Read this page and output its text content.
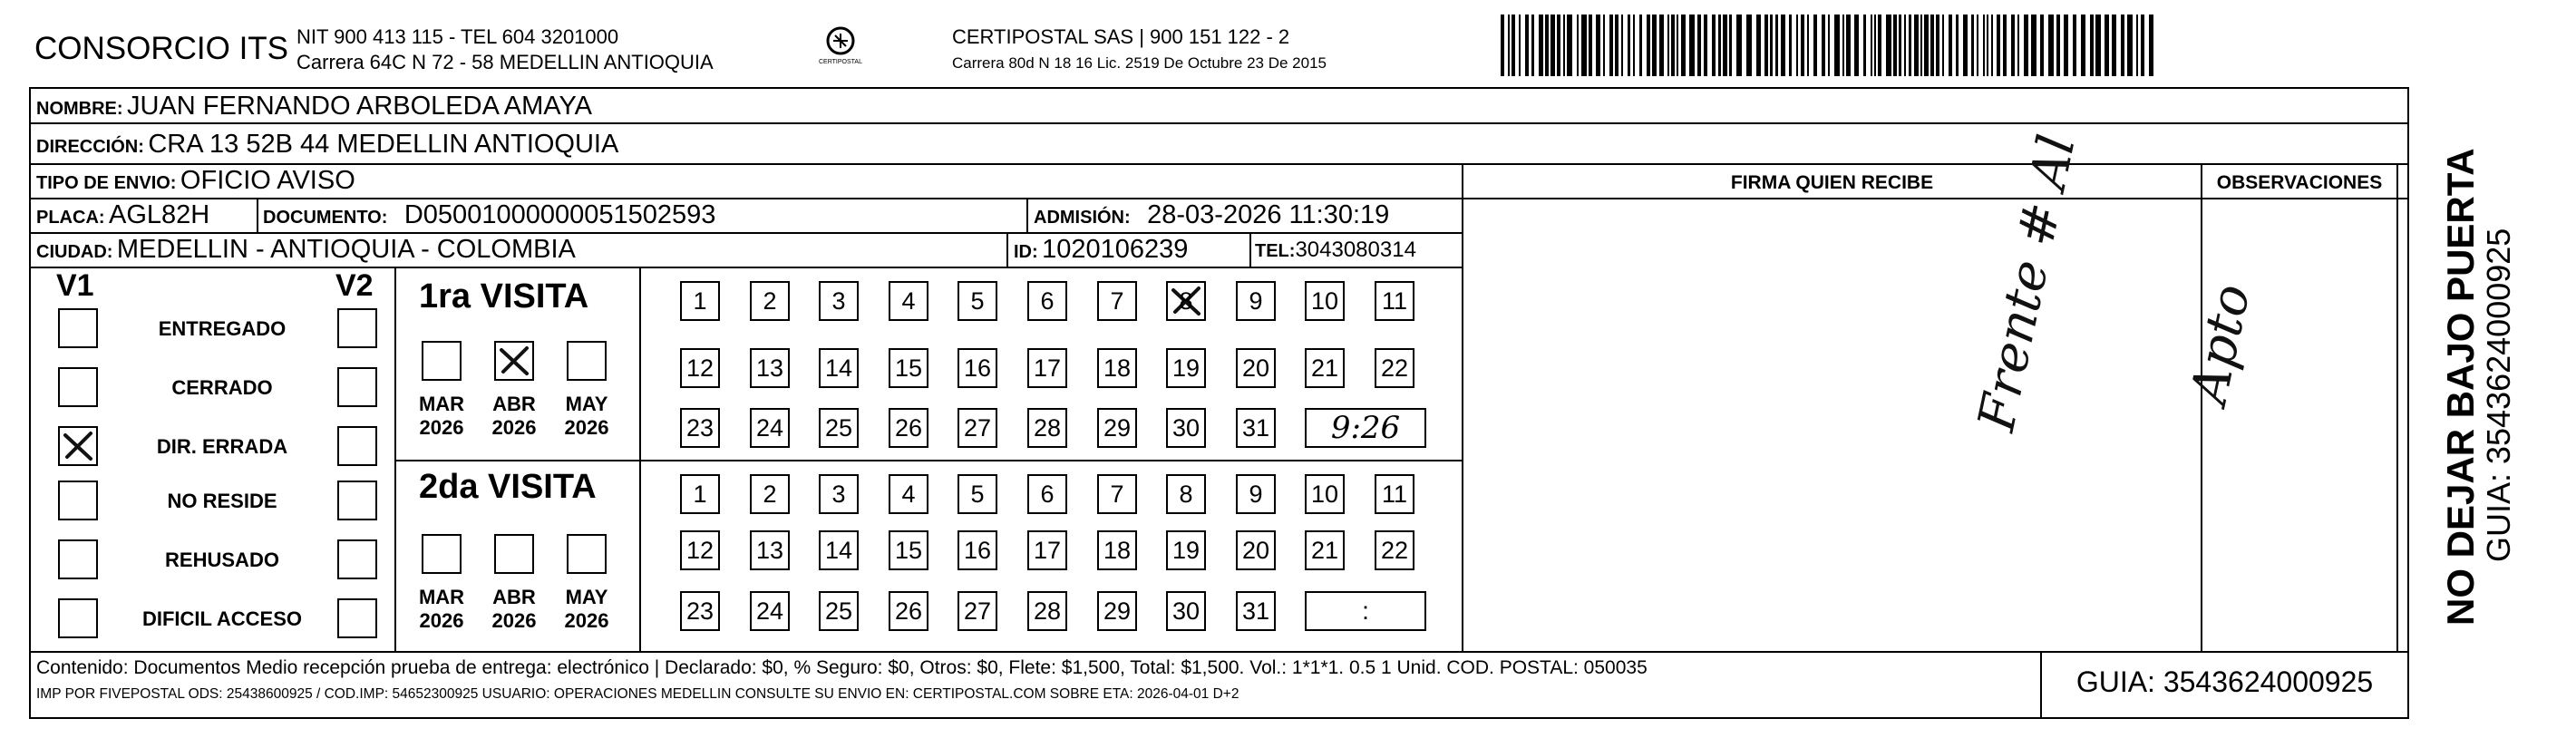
CONSORCIO ITS NIT 900 413 115 - TEL 604 3201000
Carrera 64C N 72 - 58 MEDELLIN ANTIOQUIA	CERTIPOSTAL
CERTIPOSTAL SAS | 900 151 122 - 2
Carrera 80d N 18 16 Lic. 2519 De Octubre 23 De 2015
NOMBRE: JUAN FERNANDO ARBOLEDA AMAYA
DIRECCIÓN: CRA 13 52B 44 MEDELLIN ANTIOQUIA
TIPO DE ENVIO: OFICIO AVISO	FIRMA QUIEN RECIBE	OBSERVACIONES
PLACA: AGL82H	DOCUMENTO: D05001000000051502593	ADMISIÓN: 28-03-2026 11:30:19
CIUDAD: MEDELLIN - ANTIOQUIA - COLOMBIA	ID: 1020106239	TEL:3043080314
V1	V2
ENTREGADO
CERRADO
DIR. ERRADA
NO RESIDE
REHUSADO
DIFICIL ACCESO
1ra VISITA
MAR
2026
ABR
2026
MAY
2026
1	2	3	4	5	6	7	8	9	10 11
12 13 14 15 16 17 18 19 20 21 22
23 24 25 26 27 28 29 30 31	9:26
2da VISITA
MAR
2026
ABR
2026
MAY
2026
1	2	3	4	5	6	7	8	9	10 11
12 13 14 15 16 17 18 19 20 21 22
23 24 25 26 27 28 29 30 31	:
Frente # Al Apto	NO DEJAR BAJO PUERTA
GUIA: 3543624000925
Contenido: Documentos Medio recepción prueba de entrega: electrónico | Declarado: $0, % Seguro: $0, Otros: $0, Flete: $1,500, Total: $1,500. Vol.: 1*1*1. 0.5 1 Unid. COD. POSTAL: 050035
IMP POR FIVEPOSTAL ODS: 25438600925 / COD.IMP: 54652300925 USUARIO: OPERACIONES MEDELLIN CONSULTE SU ENVIO EN: CERTIPOSTAL.COM SOBRE ETA: 2026-04-01 D+2	GUIA: 3543624000925
